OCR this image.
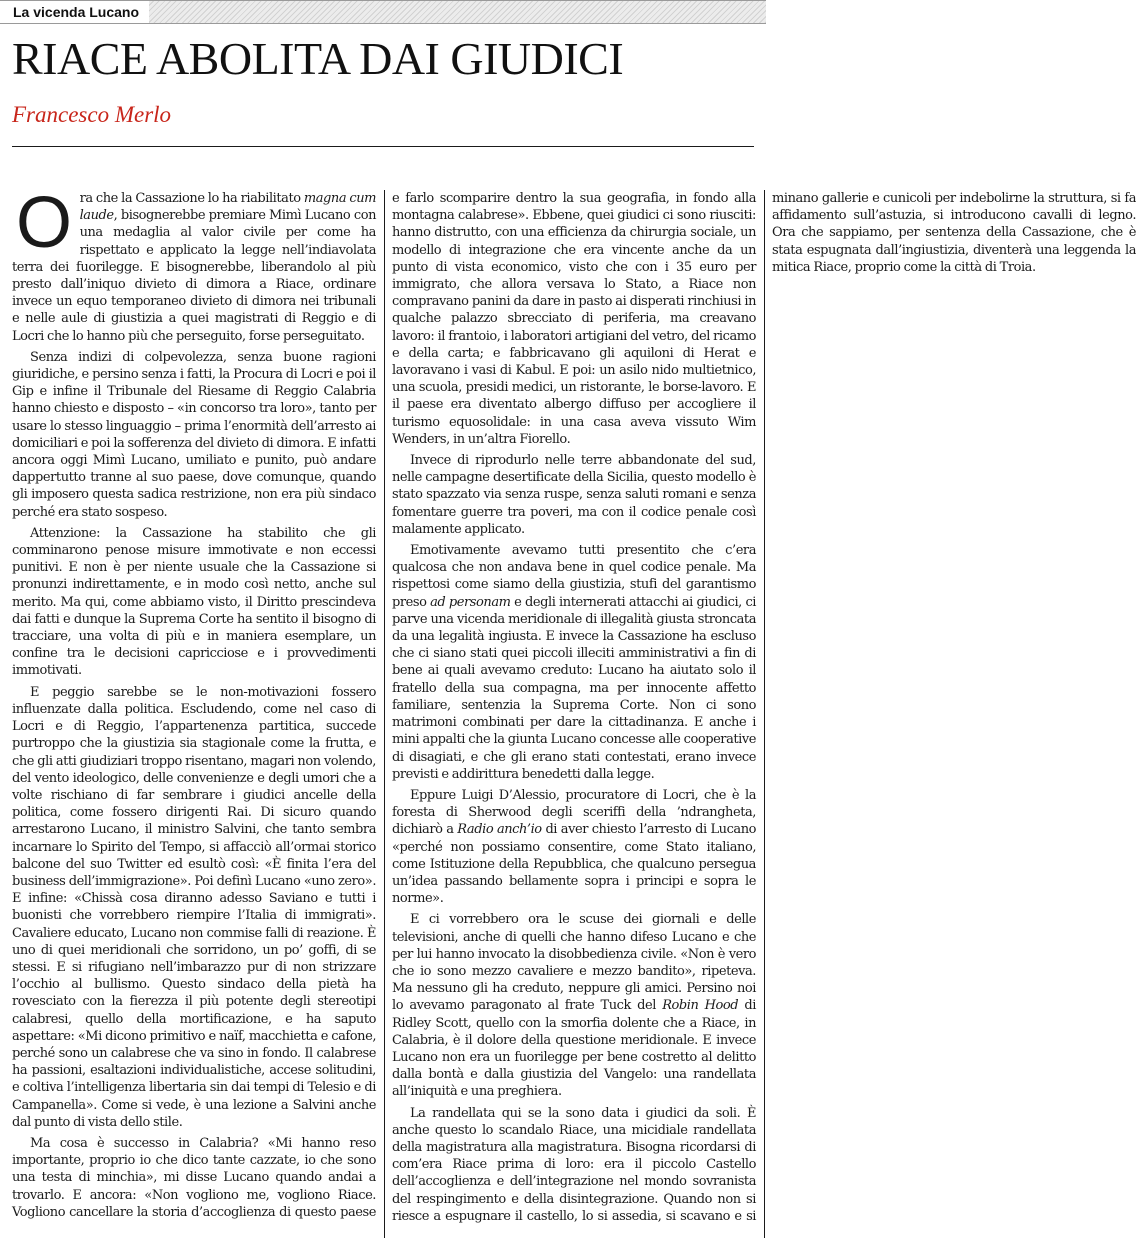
La vicenda Lucano
RIACE ABOLITA DAI GIUDICI
Francesco Merlo

Ora che la Cassazione lo ha riabilitato magna cum laude, bisognerebbe premiare Mimì Lucano con una medaglia al valor civile per come ha rispettato e applicato la legge nell’indiavolata terra dei fuorilegge. E bisognerebbe, liberandolo al più presto dall’iniquo divieto di dimora a Riace, ordinare invece un equo temporaneo divieto di dimora nei tribunali e nelle aule di giustizia a quei magistrati di Reggio e di Locri che lo hanno più che perseguito, forse perseguitato.

Senza indizi di colpevolezza, senza buone ragioni giuridiche, e persino senza i fatti, la Procura di Locri e poi il Gip e infine il Tribunale del Riesame di Reggio Calabria hanno chiesto e disposto – «in concorso tra loro», tanto per usare lo stesso linguaggio – prima l’enormità dell’arresto ai domiciliari e poi la sofferenza del divieto di dimora. E infatti ancora oggi Mimì Lucano, umiliato e punito, può andare dappertutto tranne al suo paese, dove comunque, quando gli imposero questa sadica restrizione, non era più sindaco perché era stato sospeso.

Attenzione: la Cassazione ha stabilito che gli comminarono penose misure immotivate e non eccessi punitivi. E non è per niente usuale che la Cassazione si pronunzi indirettamente, e in modo così netto, anche sul merito. Ma qui, come abbiamo visto, il Diritto prescindeva dai fatti e dunque la Suprema Corte ha sentito il bisogno di tracciare, una volta di più e in maniera esemplare, un confine tra le decisioni capricciose e i provvedimenti immotivati.

E peggio sarebbe se le non-motivazioni fossero influenzate dalla politica. Escludendo, come nel caso di Locri e di Reggio, l’appartenenza partitica, succede purtroppo che la giustizia sia stagionale come la frutta, e che gli atti giudiziari troppo risentano, magari non volendo, del vento ideologico, delle convenienze e degli umori che a volte rischiano di far sembrare i giudici ancelle della politica, come fossero dirigenti Rai. Di sicuro quando arrestarono Lucano, il ministro Salvini, che tanto sembra incarnare lo Spirito del Tempo, si affacciò all’ormai storico balcone del suo Twitter ed esultò così: «È finita l’era del business dell’immigrazione». Poi definì Lucano «uno zero». E infine: «Chissà cosa diranno adesso Saviano e tutti i buonisti che vorrebbero riempire l’Italia di immigrati». Cavaliere educato, Lucano non commise falli di reazione. È uno di quei meridionali che sorridono, un po’ goffi, di se stessi. E si rifugiano nell’imbarazzo pur di non strizzare l’occhio al bullismo. Questo sindaco della pietà ha rovesciato con la fierezza il più potente degli stereotipi calabresi, quello della mortificazione, e ha saputo aspettare: «Mi dicono primitivo e naïf, macchietta e cafone, perché sono un calabrese che va sino in fondo. Il calabrese ha passioni, esaltazioni individualistiche, accese solitudini, e coltiva l’intelligenza libertaria sin dai tempi di Telesio e di Campanella». Come si vede, è una lezione a Salvini anche dal punto di vista dello stile.

Ma cosa è successo in Calabria? «Mi hanno reso importante, proprio io che dico tante cazzate, io che sono una testa di minchia», mi disse Lucano quando andai a trovarlo. E ancora: «Non vogliono me, vogliono Riace. Vogliono cancellare la storia d’accoglienza di questo paese e farlo scomparire dentro la sua geografia, in fondo alla montagna calabrese». Ebbene, quei giudici ci sono riusciti: hanno distrutto, con una efficienza da chirurgia sociale, un modello di integrazione che era vincente anche da un punto di vista economico, visto che con i 35 euro per immigrato, che allora versava lo Stato, a Riace non compravano panini da dare in pasto ai disperati rinchiusi in qualche palazzo sbrecciato di periferia, ma creavano lavoro: il frantoio, i laboratori artigiani del vetro, del ricamo e della carta; e fabbricavano gli aquiloni di Herat e lavoravano i vasi di Kabul. E poi: un asilo nido multietnico, una scuola, presidi medici, un ristorante, le borse-lavoro. E il paese era diventato albergo diffuso per accogliere il turismo equosolidale: in una casa aveva vissuto Wim Wenders, in un’altra Fiorello.

Invece di riprodurlo nelle terre abbandonate del sud, nelle campagne desertificate della Sicilia, questo modello è stato spazzato via senza ruspe, senza saluti romani e senza fomentare guerre tra poveri, ma con il codice penale così malamente applicato.

Emotivamente avevamo tutti presentito che c’era qualcosa che non andava bene in quel codice penale. Ma rispettosi come siamo della giustizia, stufi del garantismo preso ad personam e degli internerati attacchi ai giudici, ci parve una vicenda meridionale di illegalità giusta stroncata da una legalità ingiusta. E invece la Cassazione ha escluso che ci siano stati quei piccoli illeciti amministrativi a fin di bene ai quali avevamo creduto: Lucano ha aiutato solo il fratello della sua compagna, ma per innocente affetto familiare, sentenzia la Suprema Corte. Non ci sono matrimoni combinati per dare la cittadinanza. E anche i mini appalti che la giunta Lucano concesse alle cooperative di disagiati, e che gli erano stati contestati, erano invece previsti e addirittura benedetti dalla legge.

Eppure Luigi D’Alessio, procuratore di Locri, che è la foresta di Sherwood degli sceriffi della ’ndrangheta, dichiarò a Radio anch’io di aver chiesto l’arresto di Lucano «perché non possiamo consentire, come Stato italiano, come Istituzione della Repubblica, che qualcuno persegua un’idea passando bellamente sopra i principi e sopra le norme».

E ci vorrebbero ora le scuse dei giornali e delle televisioni, anche di quelli che hanno difeso Lucano e che per lui hanno invocato la disobbedienza civile. «Non è vero che io sono mezzo cavaliere e mezzo bandito», ripeteva. Ma nessuno gli ha creduto, neppure gli amici. Persino noi lo avevamo paragonato al frate Tuck del Robin Hood di Ridley Scott, quello con la smorfia dolente che a Riace, in Calabria, è il dolore della questione meridionale. E invece Lucano non era un fuorilegge per bene costretto al delitto dalla bontà e dalla giustizia del Vangelo: una randellata all’iniquità e una preghiera.

La randellata qui se la sono data i giudici da soli. È anche questo lo scandalo Riace, una micidiale randellata della magistratura alla magistratura. Bisogna ricordarsi di com’era Riace prima di loro: era il piccolo Castello dell’accoglienza e dell’integrazione nel mondo sovranista del respingimento e della disintegrazione. Quando non si riesce a espugnare il castello, lo si assedia, si scavano e si minano gallerie e cunicoli per indebolirne la struttura, si fa affidamento sull’astuzia, si introducono cavalli di legno. Ora che sappiamo, per sentenza della Cassazione, che è stata espugnata dall’ingiustizia, diventerà una leggenda la mitica Riace, proprio come la città di Troia.
